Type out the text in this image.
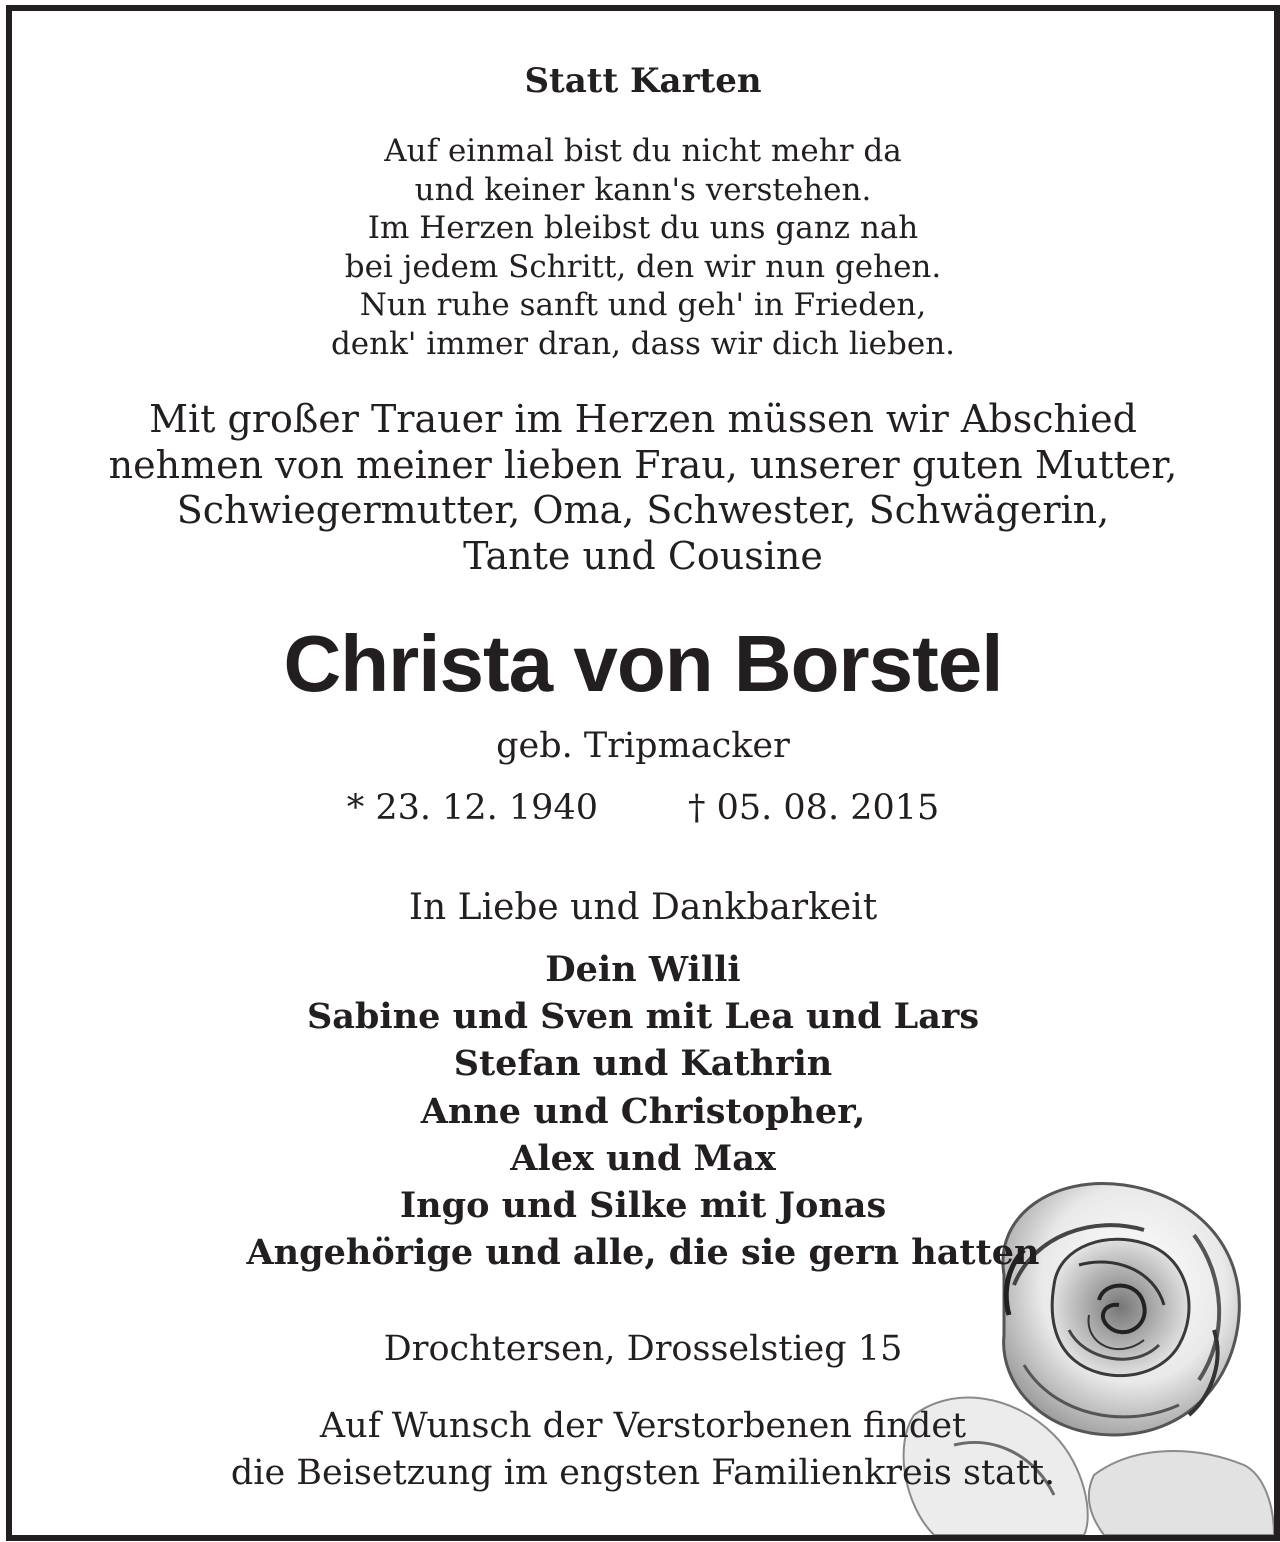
Statt Karten
Auf einmal bist du nicht mehr da
und keiner kann's verstehen.
Im Herzen bleibst du uns ganz nah
bei jedem Schritt, den wir nun gehen.
Nun ruhe sanft und geh' in Frieden,
denk' immer dran, dass wir dich lieben.
Mit großer Trauer im Herzen müssen wir Abschied
nehmen von meiner lieben Frau, unserer guten Mutter,
Schwiegermutter, Oma, Schwester, Schwägerin,
Tante und Cousine
Christa von Borstel
geb. Tripmacker
* 23. 12. 1940	† 05. 08. 2015
In Liebe und Dankbarkeit
Dein Willi
Sabine und Sven mit Lea und Lars
Stefan und Kathrin
Anne und Christopher,
Alex und Max
Ingo und Silke mit Jonas
Angehörige und alle, die sie gern hatten
Drochtersen, Drosselstieg 15
Auf Wunsch der Verstorbenen findet
die Beisetzung im engsten Familienkreis statt.
